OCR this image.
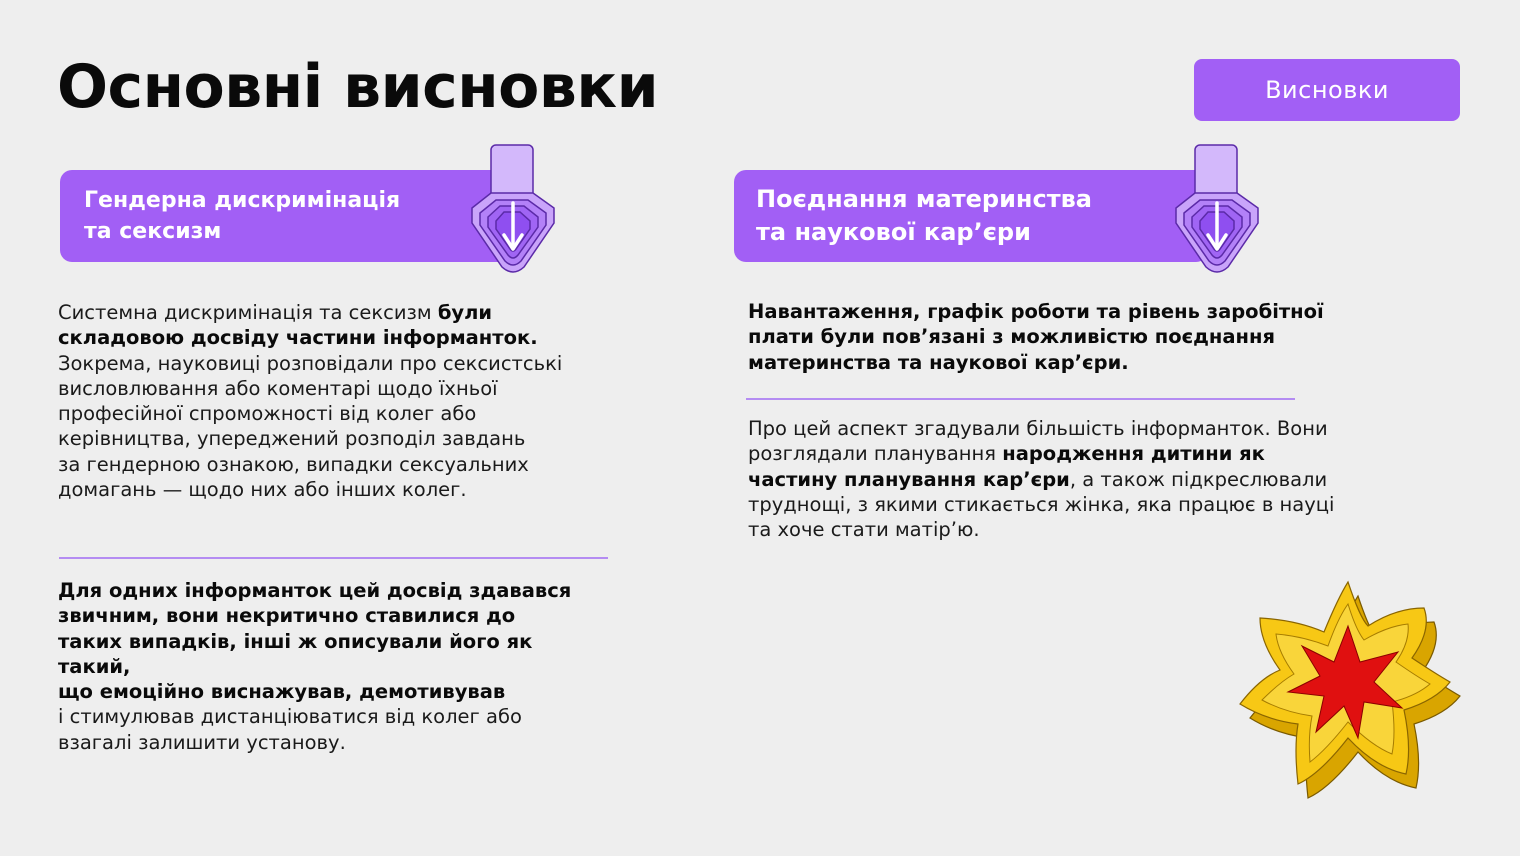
Основні висновки	Висновки
Гендерна дискримінація
та сексизм

Системна дискримінація та сексизм були складовою досвіду частини інформанток.
Зокрема, науковиці розповідали про сексистські висловлювання або коментарі щодо їхньої професійної спроможності від колег або керівництва, упереджений розподіл завдань
за гендерною ознакою, випадки сексуальних домагань — щодо них або інших колег.

Для одних інформанток цей досвід здавався звичним, вони некритично ставилися до таких випадків, інші ж описували його як такий,
що емоційно виснажував, демотивував
і стимулював дистанціюватися від колег або взагалі залишити установу.

Поєднання материнства
та наукової кар’єри

Навантаження, графік роботи та рівень заробітної плати були пов’язані з можливістю поєднання материнства та наукової кар’єри.

Про цей аспект згадували більшість інформанток. Вони розглядали планування народження дитини як частину планування кар’єри, а також підкреслювали труднощі, з якими стикається жінка, яка працює в науці та хоче стати матір’ю.
